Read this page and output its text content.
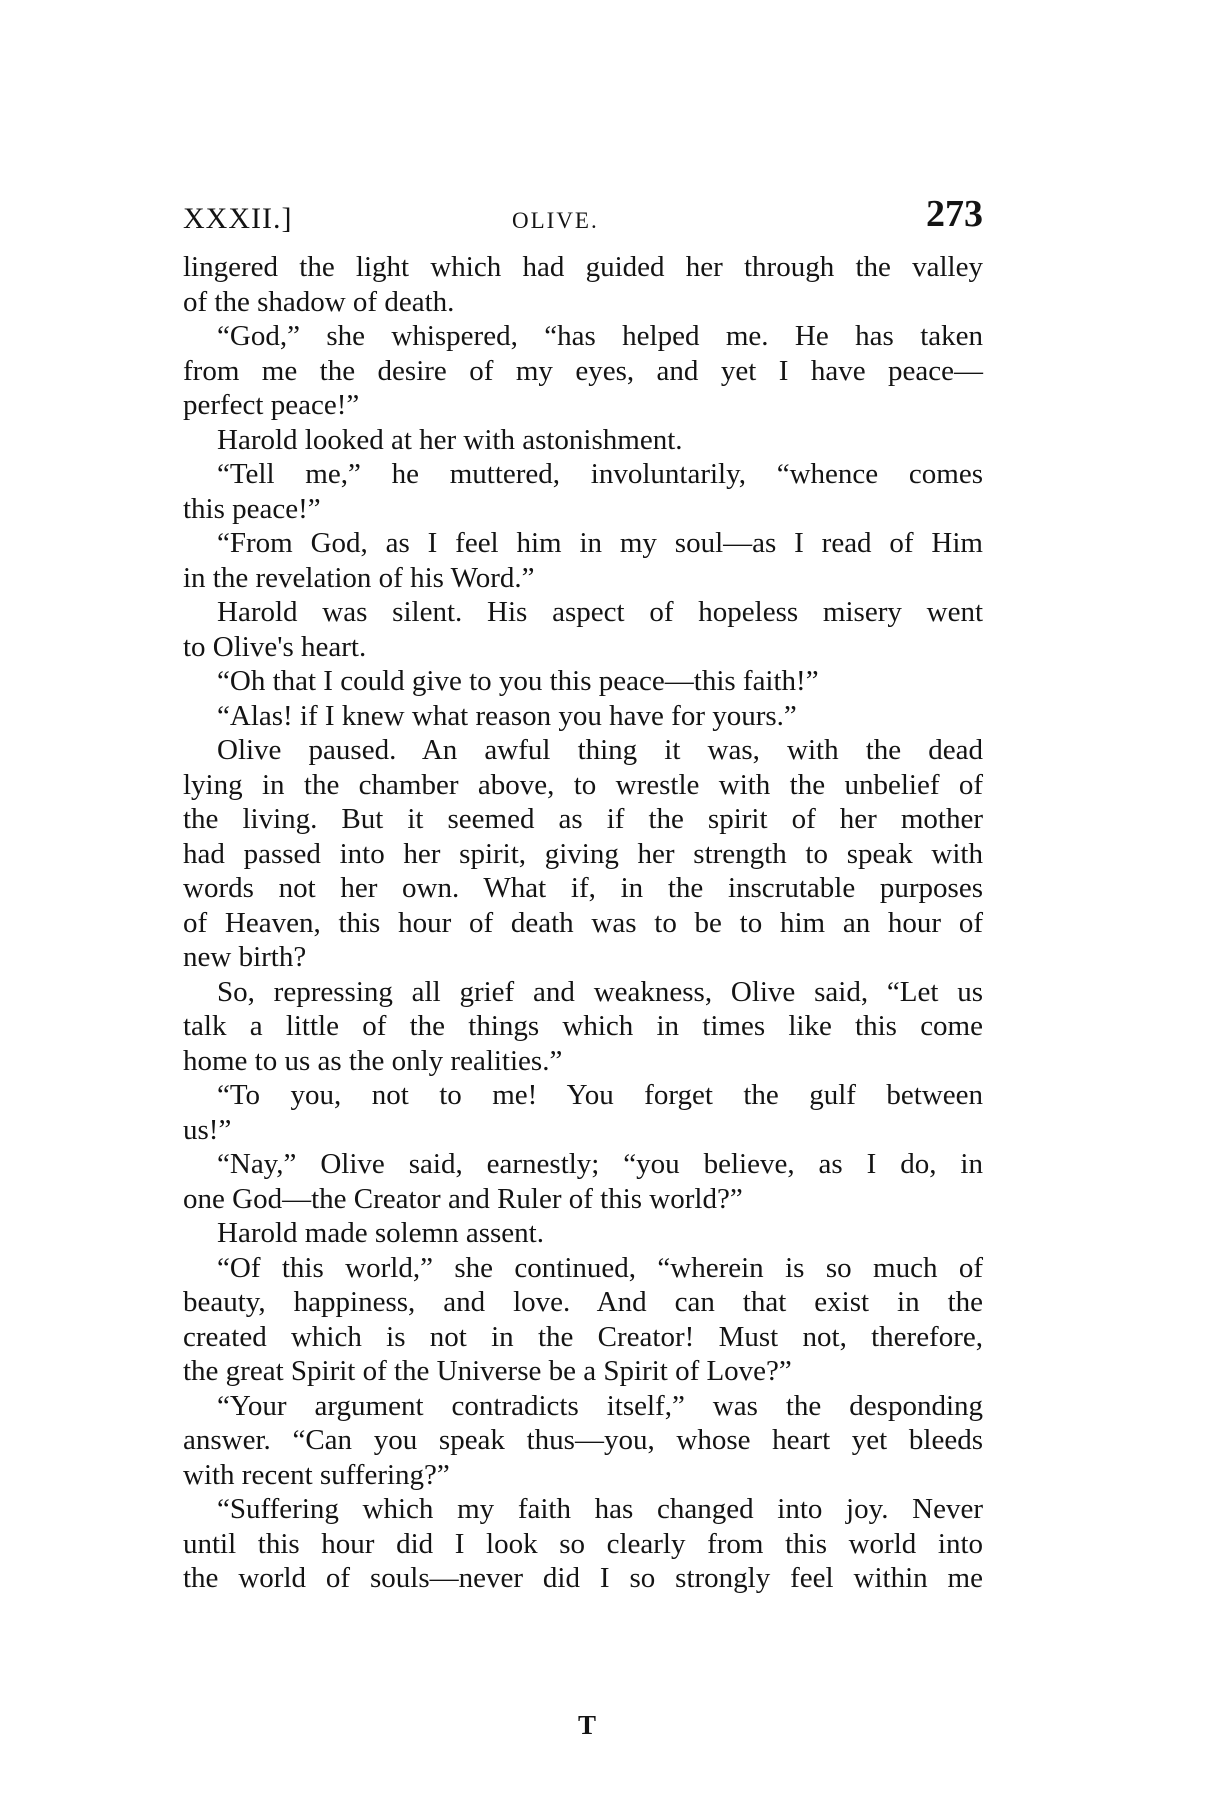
XXXII.]	OLIVE.	273
lingered the light which had guided her through the valley
of the shadow of death.
“God,” she whispered, “has helped me. He has taken
from me the desire of my eyes, and yet I have peace—
perfect peace!”
Harold looked at her with astonishment.
“Tell me,” he muttered, involuntarily, “whence comes
this peace!”
“From God, as I feel him in my soul—as I read of Him
in the revelation of his Word.”
Harold was silent. His aspect of hopeless misery went
to Olive's heart.
“Oh that I could give to you this peace—this faith!”
“Alas! if I knew what reason you have for yours.”
Olive paused. An awful thing it was, with the dead
lying in the chamber above, to wrestle with the unbelief of
the living. But it seemed as if the spirit of her mother
had passed into her spirit, giving her strength to speak with
words not her own. What if, in the inscrutable purposes
of Heaven, this hour of death was to be to him an hour of
new birth?
So, repressing all grief and weakness, Olive said, “Let us
talk a little of the things which in times like this come
home to us as the only realities.”
“To you, not to me! You forget the gulf between
us!”
“Nay,” Olive said, earnestly; “you believe, as I do, in
one God—the Creator and Ruler of this world?”
Harold made solemn assent.
“Of this world,” she continued, “wherein is so much of
beauty, happiness, and love. And can that exist in the
created which is not in the Creator! Must not, therefore,
the great Spirit of the Universe be a Spirit of Love?”
“Your argument contradicts itself,” was the desponding
answer. “Can you speak thus—you, whose heart yet bleeds
with recent suffering?”
“Suffering which my faith has changed into joy. Never
until this hour did I look so clearly from this world into
the world of souls—never did I so strongly feel within me
T
